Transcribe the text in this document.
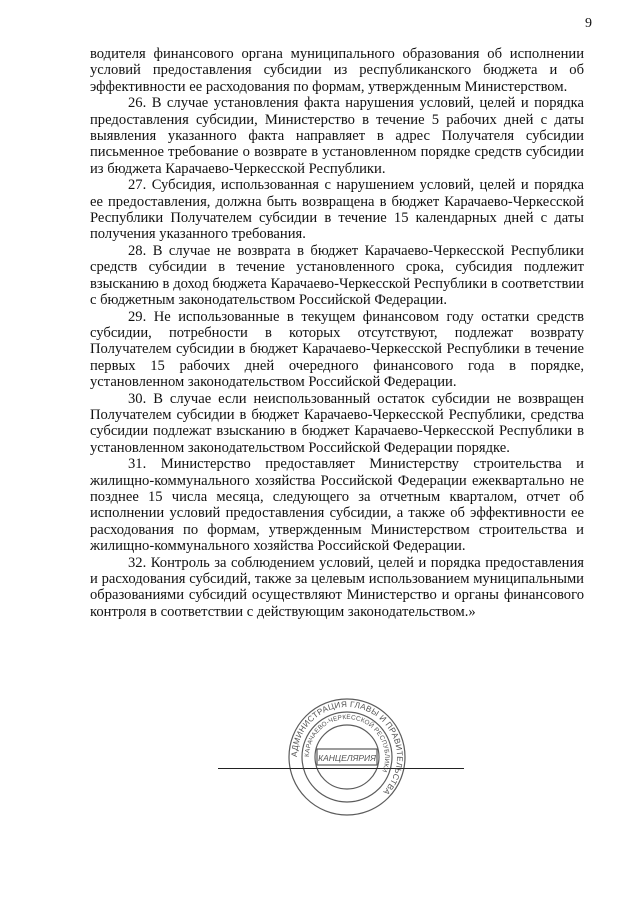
9

водителя финансового органа муниципального образования об исполнении условий предоставления субсидии из республиканского бюджета и об эффективности ее расходования по формам, утвержденным Министерством.

26. В случае установления факта нарушения условий, целей и порядка предоставления субсидии, Министерство в течение 5 рабочих дней с даты выявления указанного факта направляет в адрес Получателя субсидии письменное требование о возврате в установленном порядке средств субсидии из бюджета Карачаево-Черкесской Республики.

27. Субсидия, использованная с нарушением условий, целей и порядка ее предоставления, должна быть возвращена в бюджет Карачаево-Черкесской Республики Получателем субсидии в течение 15 календарных дней с даты получения указанного требования.

28. В случае не возврата в бюджет Карачаево-Черкесской Республики средств субсидии в течение установленного срока, субсидия подлежит взысканию в доход бюджета Карачаево-Черкесской Республики в соответствии с бюджетным законодательством Российской Федерации.

29. Не использованные в текущем финансовом году остатки средств субсидии, потребности в которых отсутствуют, подлежат возврату Получателем субсидии в бюджет Карачаево-Черкесской Республики в течение первых 15 рабочих дней очередного финансового года в порядке, установленном законодательством Российской Федерации.

30. В случае если неиспользованный остаток субсидии не возвращен Получателем субсидии в бюджет Карачаево-Черкесской Республики, средства субсидии подлежат взысканию в бюджет Карачаево-Черкесской Республики в установленном законодательством Российской Федерации порядке.

31. Министерство предоставляет Министерству строительства и жилищно-коммунального хозяйства Российской Федерации ежеквартально не позднее 15 числа месяца, следующего за отчетным кварталом, отчет об исполнении условий предоставления субсидии, а также об эффективности ее расходования по формам, утвержденным Министерством строительства и жилищно-коммунального хозяйства Российской Федерации.

32. Контроль за соблюдением условий, целей и порядка предоставления и расходования субсидий, также за целевым использованием муниципальными образованиями субсидий осуществляют Министерство и органы финансового контроля в соответствии с действующим законодательством.»

АДМИНИСТРАЦИЯ ГЛАВЫ И ПРАВИТЕЛЬСТВА
КАРАЧАЕВО-ЧЕРКЕССКОЙ РЕСПУБЛИКИ
КАНЦЕЛЯРИЯ
